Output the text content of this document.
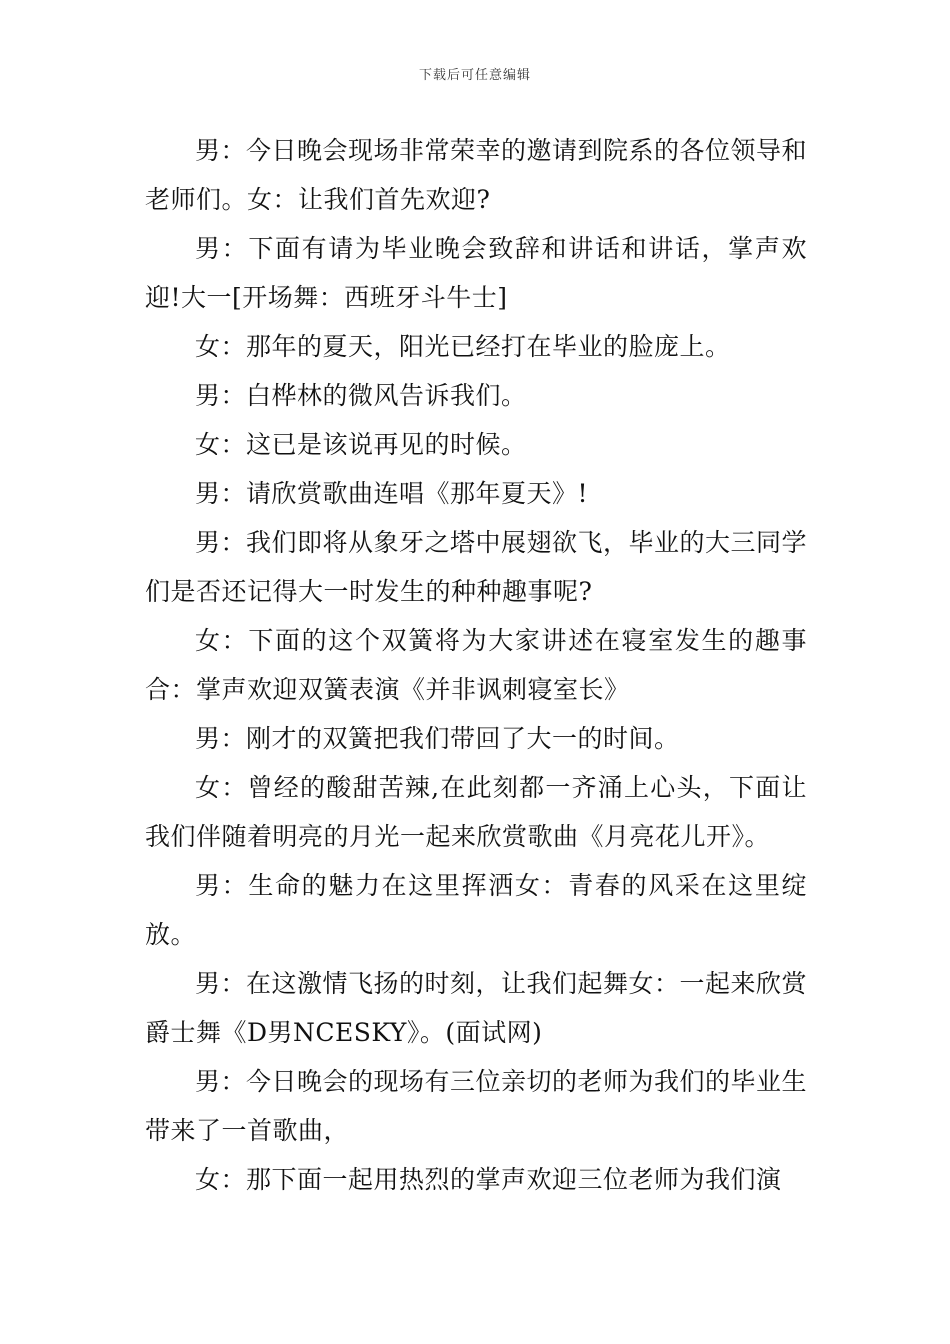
下载后可任意编辑

男：今日晚会现场非常荣幸的邀请到院系的各位领导和老师们。女：让我们首先欢迎?

男：下面有请为毕业晚会致辞和讲话和讲话，掌声欢迎!大一[开场舞：西班牙斗牛士]

女：那年的夏天，阳光已经打在毕业的脸庞上。

男：白桦林的微风告诉我们。

女：这已是该说再见的时候。

男：请欣赏歌曲连唱《那年夏天》!

男：我们即将从象牙之塔中展翅欲飞，毕业的大三同学们是否还记得大一时发生的种种趣事呢?

女：下面的这个双簧将为大家讲述在寝室发生的趣事合：掌声欢迎双簧表演《并非讽刺寝室长》

男：刚才的双簧把我们带回了大一的时间。

女：曾经的酸甜苦辣,在此刻都一齐涌上心头，下面让我们伴随着明亮的月光一起来欣赏歌曲《月亮花儿开》。

男：生命的魅力在这里挥洒女：青春的风采在这里绽放。

男：在这激情飞扬的时刻，让我们起舞女：一起来欣赏爵士舞《D男NCESKY》。(面试网)

男：今日晚会的现场有三位亲切的老师为我们的毕业生带来了一首歌曲，

女：那下面一起用热烈的掌声欢迎三位老师为我们演
